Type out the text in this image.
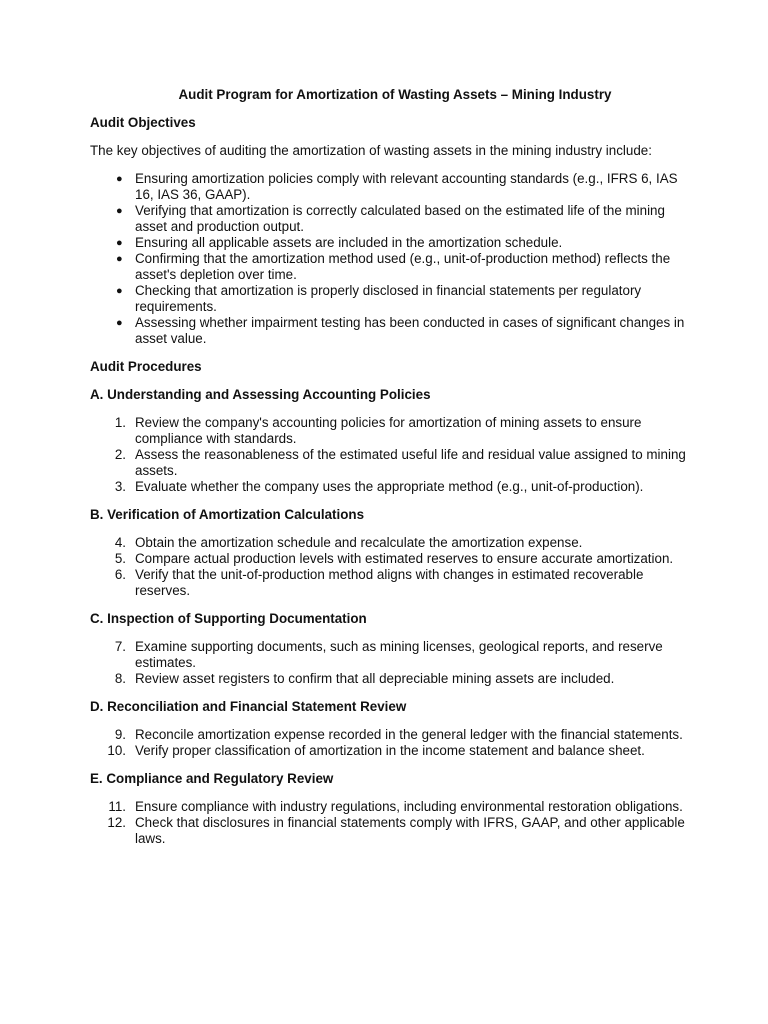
Audit Program for Amortization of Wasting Assets – Mining Industry
Audit Objectives
The key objectives of auditing the amortization of wasting assets in the mining industry include:
● Ensuring amortization policies comply with relevant accounting standards (e.g., IFRS 6, IAS 16, IAS 36, GAAP).
● Verifying that amortization is correctly calculated based on the estimated life of the mining asset and production output.
● Ensuring all applicable assets are included in the amortization schedule.
● Confirming that the amortization method used (e.g., unit-of-production method) reflects the asset's depletion over time.
● Checking that amortization is properly disclosed in financial statements per regulatory requirements.
● Assessing whether impairment testing has been conducted in cases of significant changes in asset value.
Audit Procedures
A. Understanding and Assessing Accounting Policies
1. Review the company's accounting policies for amortization of mining assets to ensure compliance with standards.
2. Assess the reasonableness of the estimated useful life and residual value assigned to mining assets.
3. Evaluate whether the company uses the appropriate method (e.g., unit-of-production).
B. Verification of Amortization Calculations
4. Obtain the amortization schedule and recalculate the amortization expense.
5. Compare actual production levels with estimated reserves to ensure accurate amortization.
6. Verify that the unit-of-production method aligns with changes in estimated recoverable reserves.
C. Inspection of Supporting Documentation
7. Examine supporting documents, such as mining licenses, geological reports, and reserve estimates.
8. Review asset registers to confirm that all depreciable mining assets are included.
D. Reconciliation and Financial Statement Review
9. Reconcile amortization expense recorded in the general ledger with the financial statements.
10. Verify proper classification of amortization in the income statement and balance sheet.
E. Compliance and Regulatory Review
11. Ensure compliance with industry regulations, including environmental restoration obligations.
12. Check that disclosures in financial statements comply with IFRS, GAAP, and other applicable laws.
